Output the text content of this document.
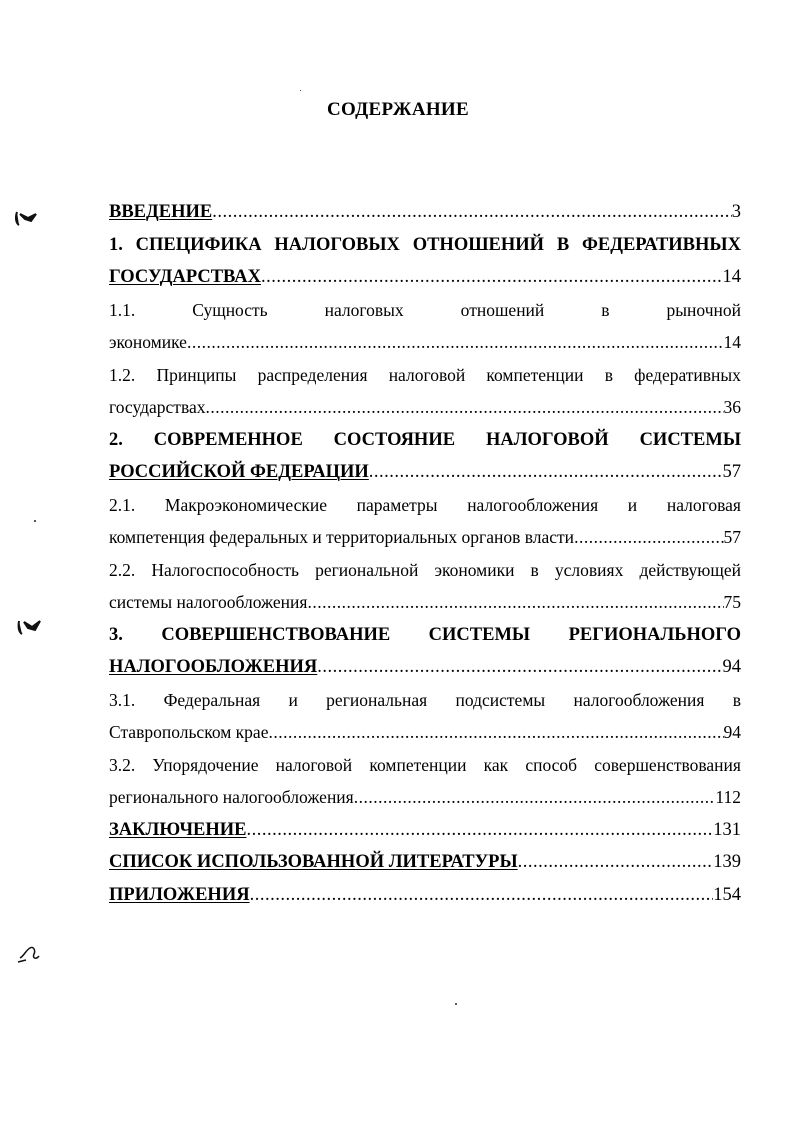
СОДЕРЖАНИЕ
ВВЕДЕНИЕ .....	3
1. СПЕЦИФИКА НАЛОГОВЫХ ОТНОШЕНИЙ В ФЕДЕРАТИВНЫХ
ГОСУДАРСТВАХ .....	14
1.1.	Сущность	налоговых	отношений	в	рыночной
экономике .....	14
1.2. Принципы распределения налоговой компетенции в федеративных
государствах .....	36
2. СОВРЕМЕННОЕ СОСТОЯНИЕ НАЛОГОВОЙ СИСТЕМЫ
РОССИЙСКОЙ ФЕДЕРАЦИИ .....	57
2.1. Макроэкономические параметры налогообложения и налоговая
компетенция федеральных и территориальных органов власти .....	57
2.2. Налогоспособность региональной экономики в условиях действующей
системы налогообложения .....	75
3. СОВЕРШЕНСТВОВАНИЕ СИСТЕМЫ РЕГИОНАЛЬНОГО
НАЛОГООБЛОЖЕНИЯ .....	94
3.1. Федеральная и региональная подсистемы налогообложения в
Ставропольском крае .....	94
3.2. Упорядочение налоговой компетенции как способ совершенствования
регионального налогообложения .....	112
ЗАКЛЮЧЕНИЕ .....	131
СПИСОК ИСПОЛЬЗОВАННОЙ ЛИТЕРАТУРЫ .....	139
ПРИЛОЖЕНИЯ .....	154
